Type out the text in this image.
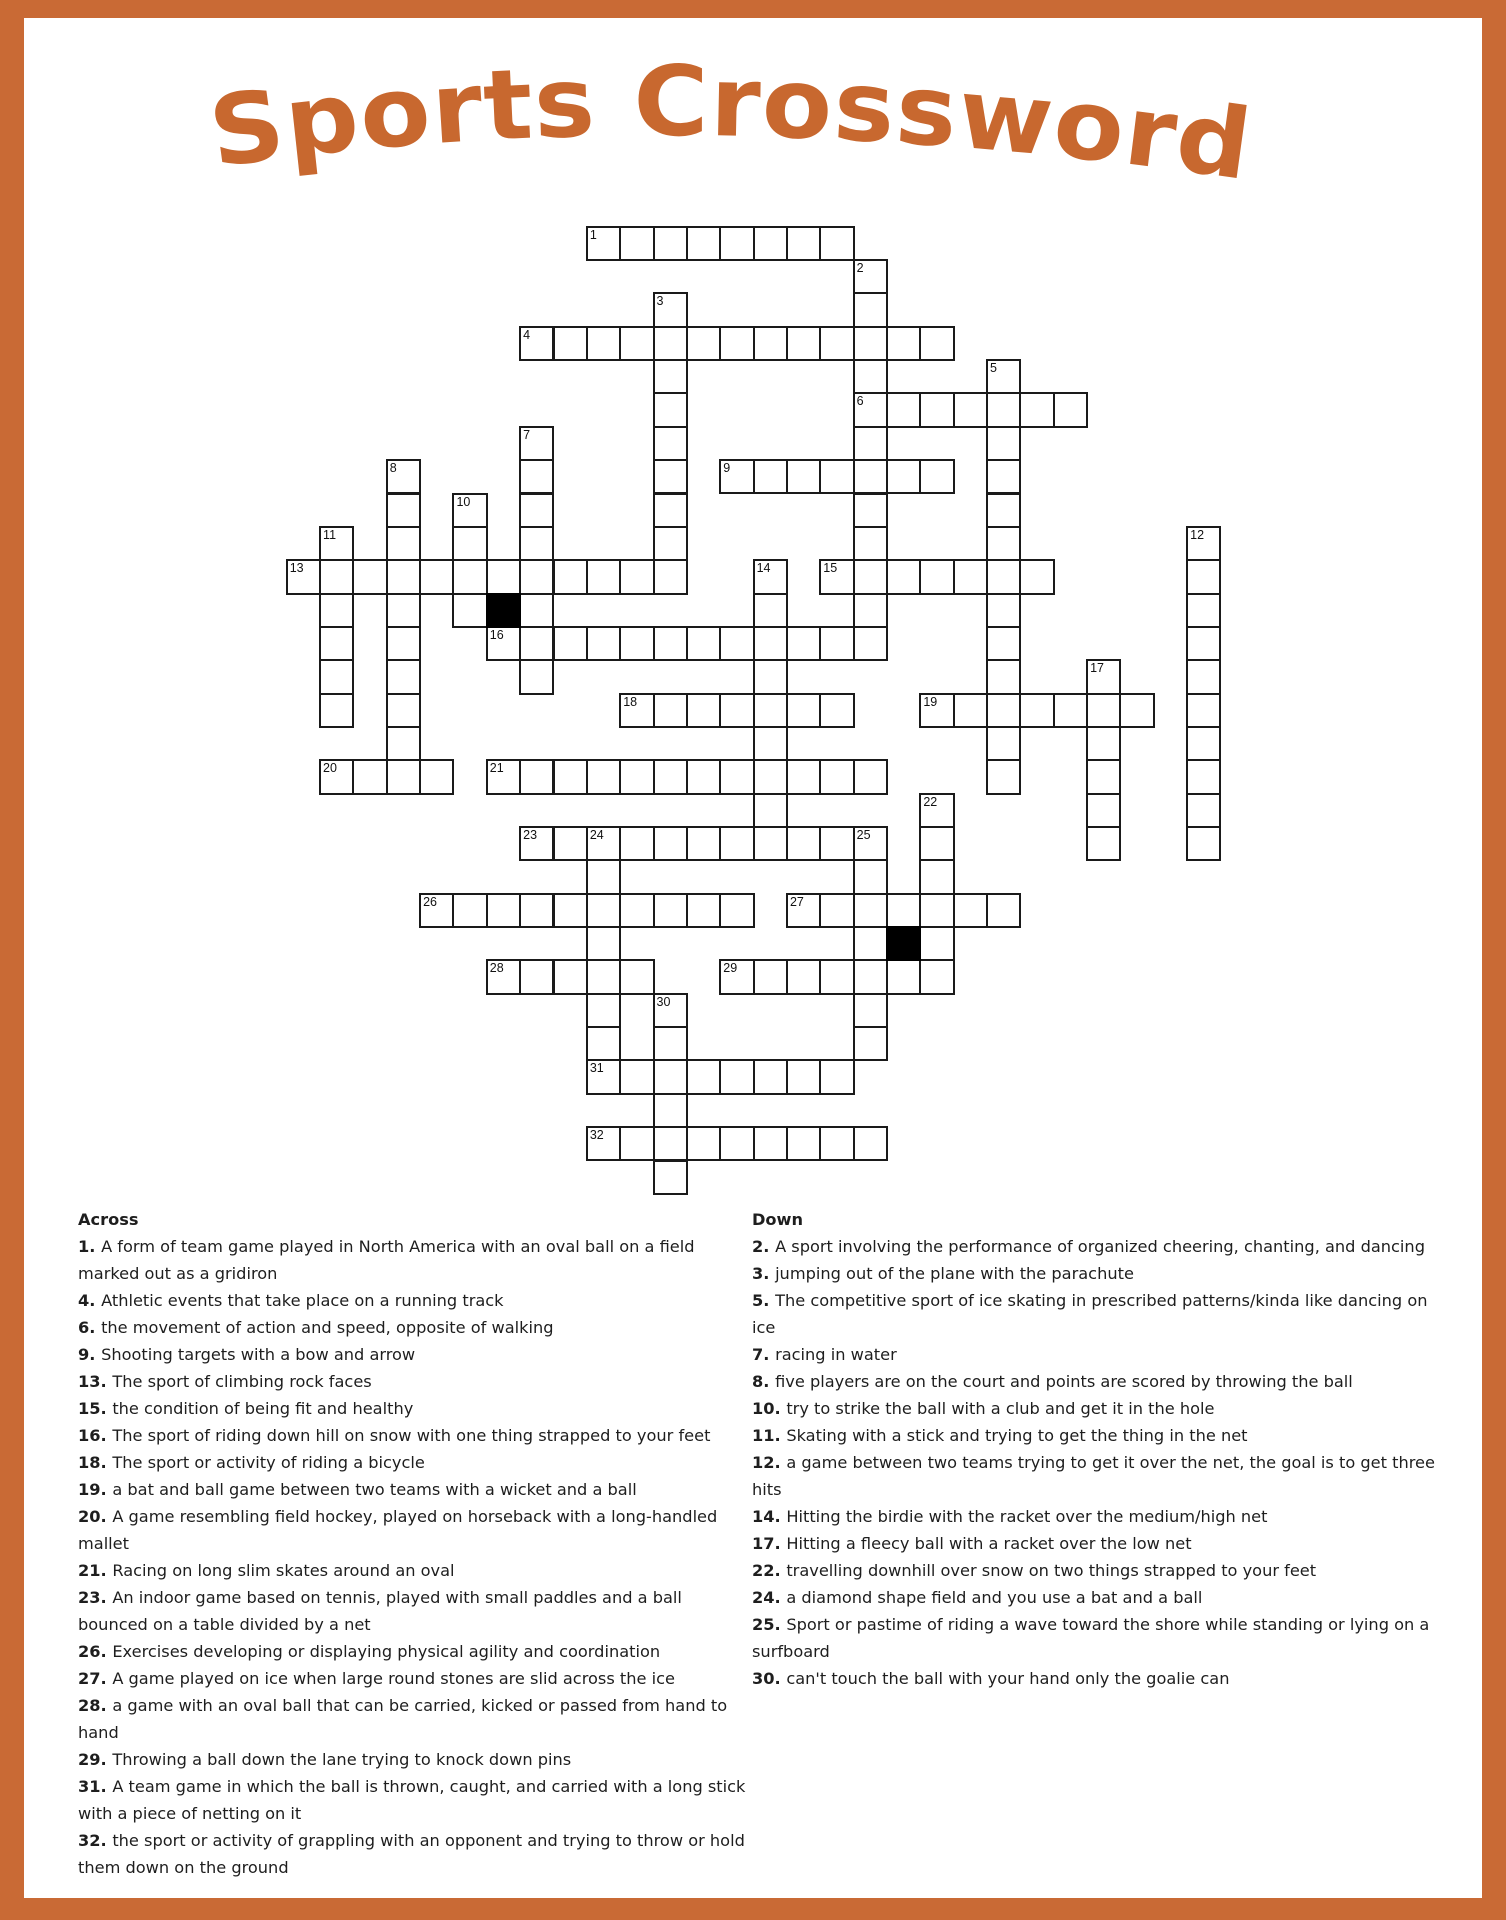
Sports Crossword
1
2
6
3
4
5
7
8	9
10
11	12
13	14	15
16
17
18	19
20	21
22
23	24	25
31
26	27
28	29
30
32

Across

1. A form of team game played in North America with an oval ball on a field marked out as a gridiron

4. Athletic events that take place on a running track

6. the movement of action and speed, opposite of walking

9. Shooting targets with a bow and arrow

13. The sport of climbing rock faces

15. the condition of being fit and healthy

16. The sport of riding down hill on snow with one thing strapped to your feet

18. The sport or activity of riding a bicycle

19. a bat and ball game between two teams with a wicket and a ball

20. A game resembling field hockey, played on horseback with a long-handled mallet

21. Racing on long slim skates around an oval

23. An indoor game based on tennis, played with small paddles and a ball bounced on a table divided by a net

26. Exercises developing or displaying physical agility and coordination

27. A game played on ice when large round stones are slid across the ice

28. a game with an oval ball that can be carried, kicked or passed from hand to hand

29. Throwing a ball down the lane trying to knock down pins

31. A team game in which the ball is thrown, caught, and carried with a long stick with a piece of netting on it

32. the sport or activity of grappling with an opponent and trying to throw or hold them down on the ground

Down

2. A sport involving the performance of organized cheering, chanting, and dancing

3. jumping out of the plane with the parachute

5. The competitive sport of ice skating in prescribed patterns/kinda like dancing on ice

7. racing in water

8. five players are on the court and points are scored by throwing the ball

10. try to strike the ball with a club and get it in the hole

11. Skating with a stick and trying to get the thing in the net

12. a game between two teams trying to get it over the net, the goal is to get three hits

14. Hitting the birdie with the racket over the medium/high net

17. Hitting a fleecy ball with a racket over the low net

22. travelling downhill over snow on two things strapped to your feet

24. a diamond shape field and you use a bat and a ball

25. Sport or pastime of riding a wave toward the shore while standing or lying on a surfboard

30. can't touch the ball with your hand only the goalie can
